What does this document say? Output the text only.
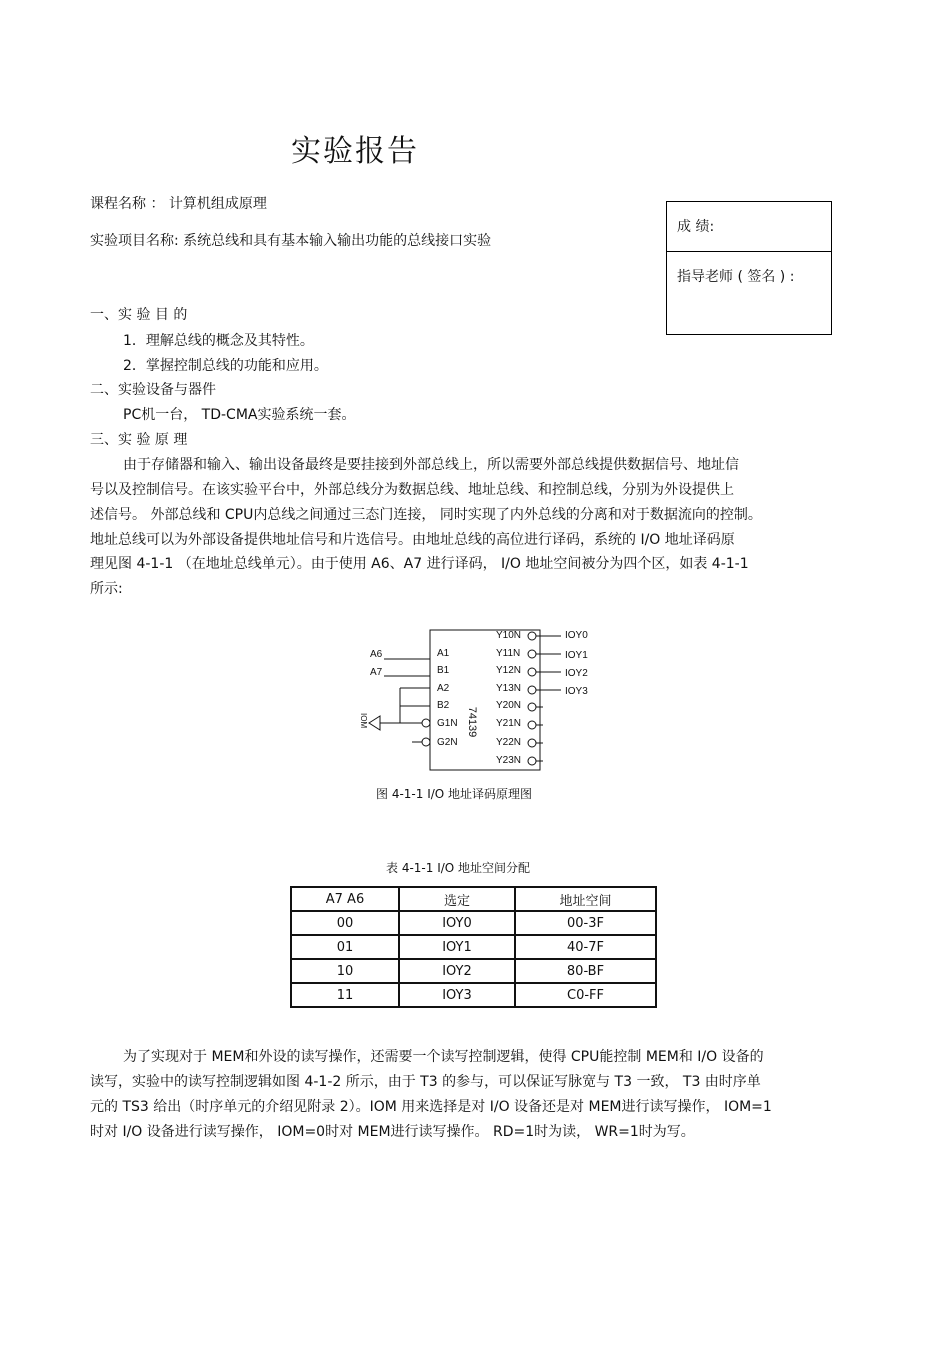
实验报告
课程名称 ： 计算机组成原理
实验项目名称: 系统总线和具有基本输入输出功能的总线接口实验
成 绩:
指导老师 ( 签名 ) :
一、实 验 目 的
1．理解总线的概念及其特性。
2．掌握控制总线的功能和应用。
二、实验设备与器件
PC机一台， TD-CMA实验系统一套。
三、实 验 原 理
由于存储器和输入、输出设备最终是要挂接到外部总线上，所以需要外部总线提供数据信号、地址信
号以及控制信号。在该实验平台中，外部总线分为数据总线、地址总线、和控制总线，分别为外设提供上
述信号。 外部总线和 CPU内总线之间通过三态门连接， 同时实现了内外总线的分离和对于数据流向的控制。
地址总线可以为外部设备提供地址信号和片选信号。由地址总线的高位进行译码，系统的 I/O 地址译码原
理见图 4-1-1 （在地址总线单元）。由于使用 A6、A7 进行译码， I/O 地址空间被分为四个区，如表 4-1-1
所示:
A6
A7
A1
B1
A2
B2
G1N
G2N
IOM	74139
Y10N
Y11N
Y12N
Y13N
Y20N
Y21N
Y22N
Y23N
IOY0
IOY1
IOY2
IOY3
图 4-1-1 I/O 地址译码原理图
表 4-1-1 I/O 地址空间分配
A7 A6	选定	地址空间
00	IOY0	00-3F
01	IOY1	40-7F
10	IOY2	80-BF
11	IOY3	C0-FF
为了实现对于 MEM和外设的读写操作，还需要一个读写控制逻辑，使得 CPU能控制 MEM和 I/O 设备的
读写，实验中的读写控制逻辑如图 4-1-2 所示，由于 T3 的参与，可以保证写脉宽与 T3 一致， T3 由时序单
元的 TS3 给出（时序单元的介绍见附录 2）。IOM 用来选择是对 I/O 设备还是对 MEM进行读写操作， IOM=1
时对 I/O 设备进行读写操作， IOM=0时对 MEM进行读写操作。 RD=1时为读， WR=1时为写。
